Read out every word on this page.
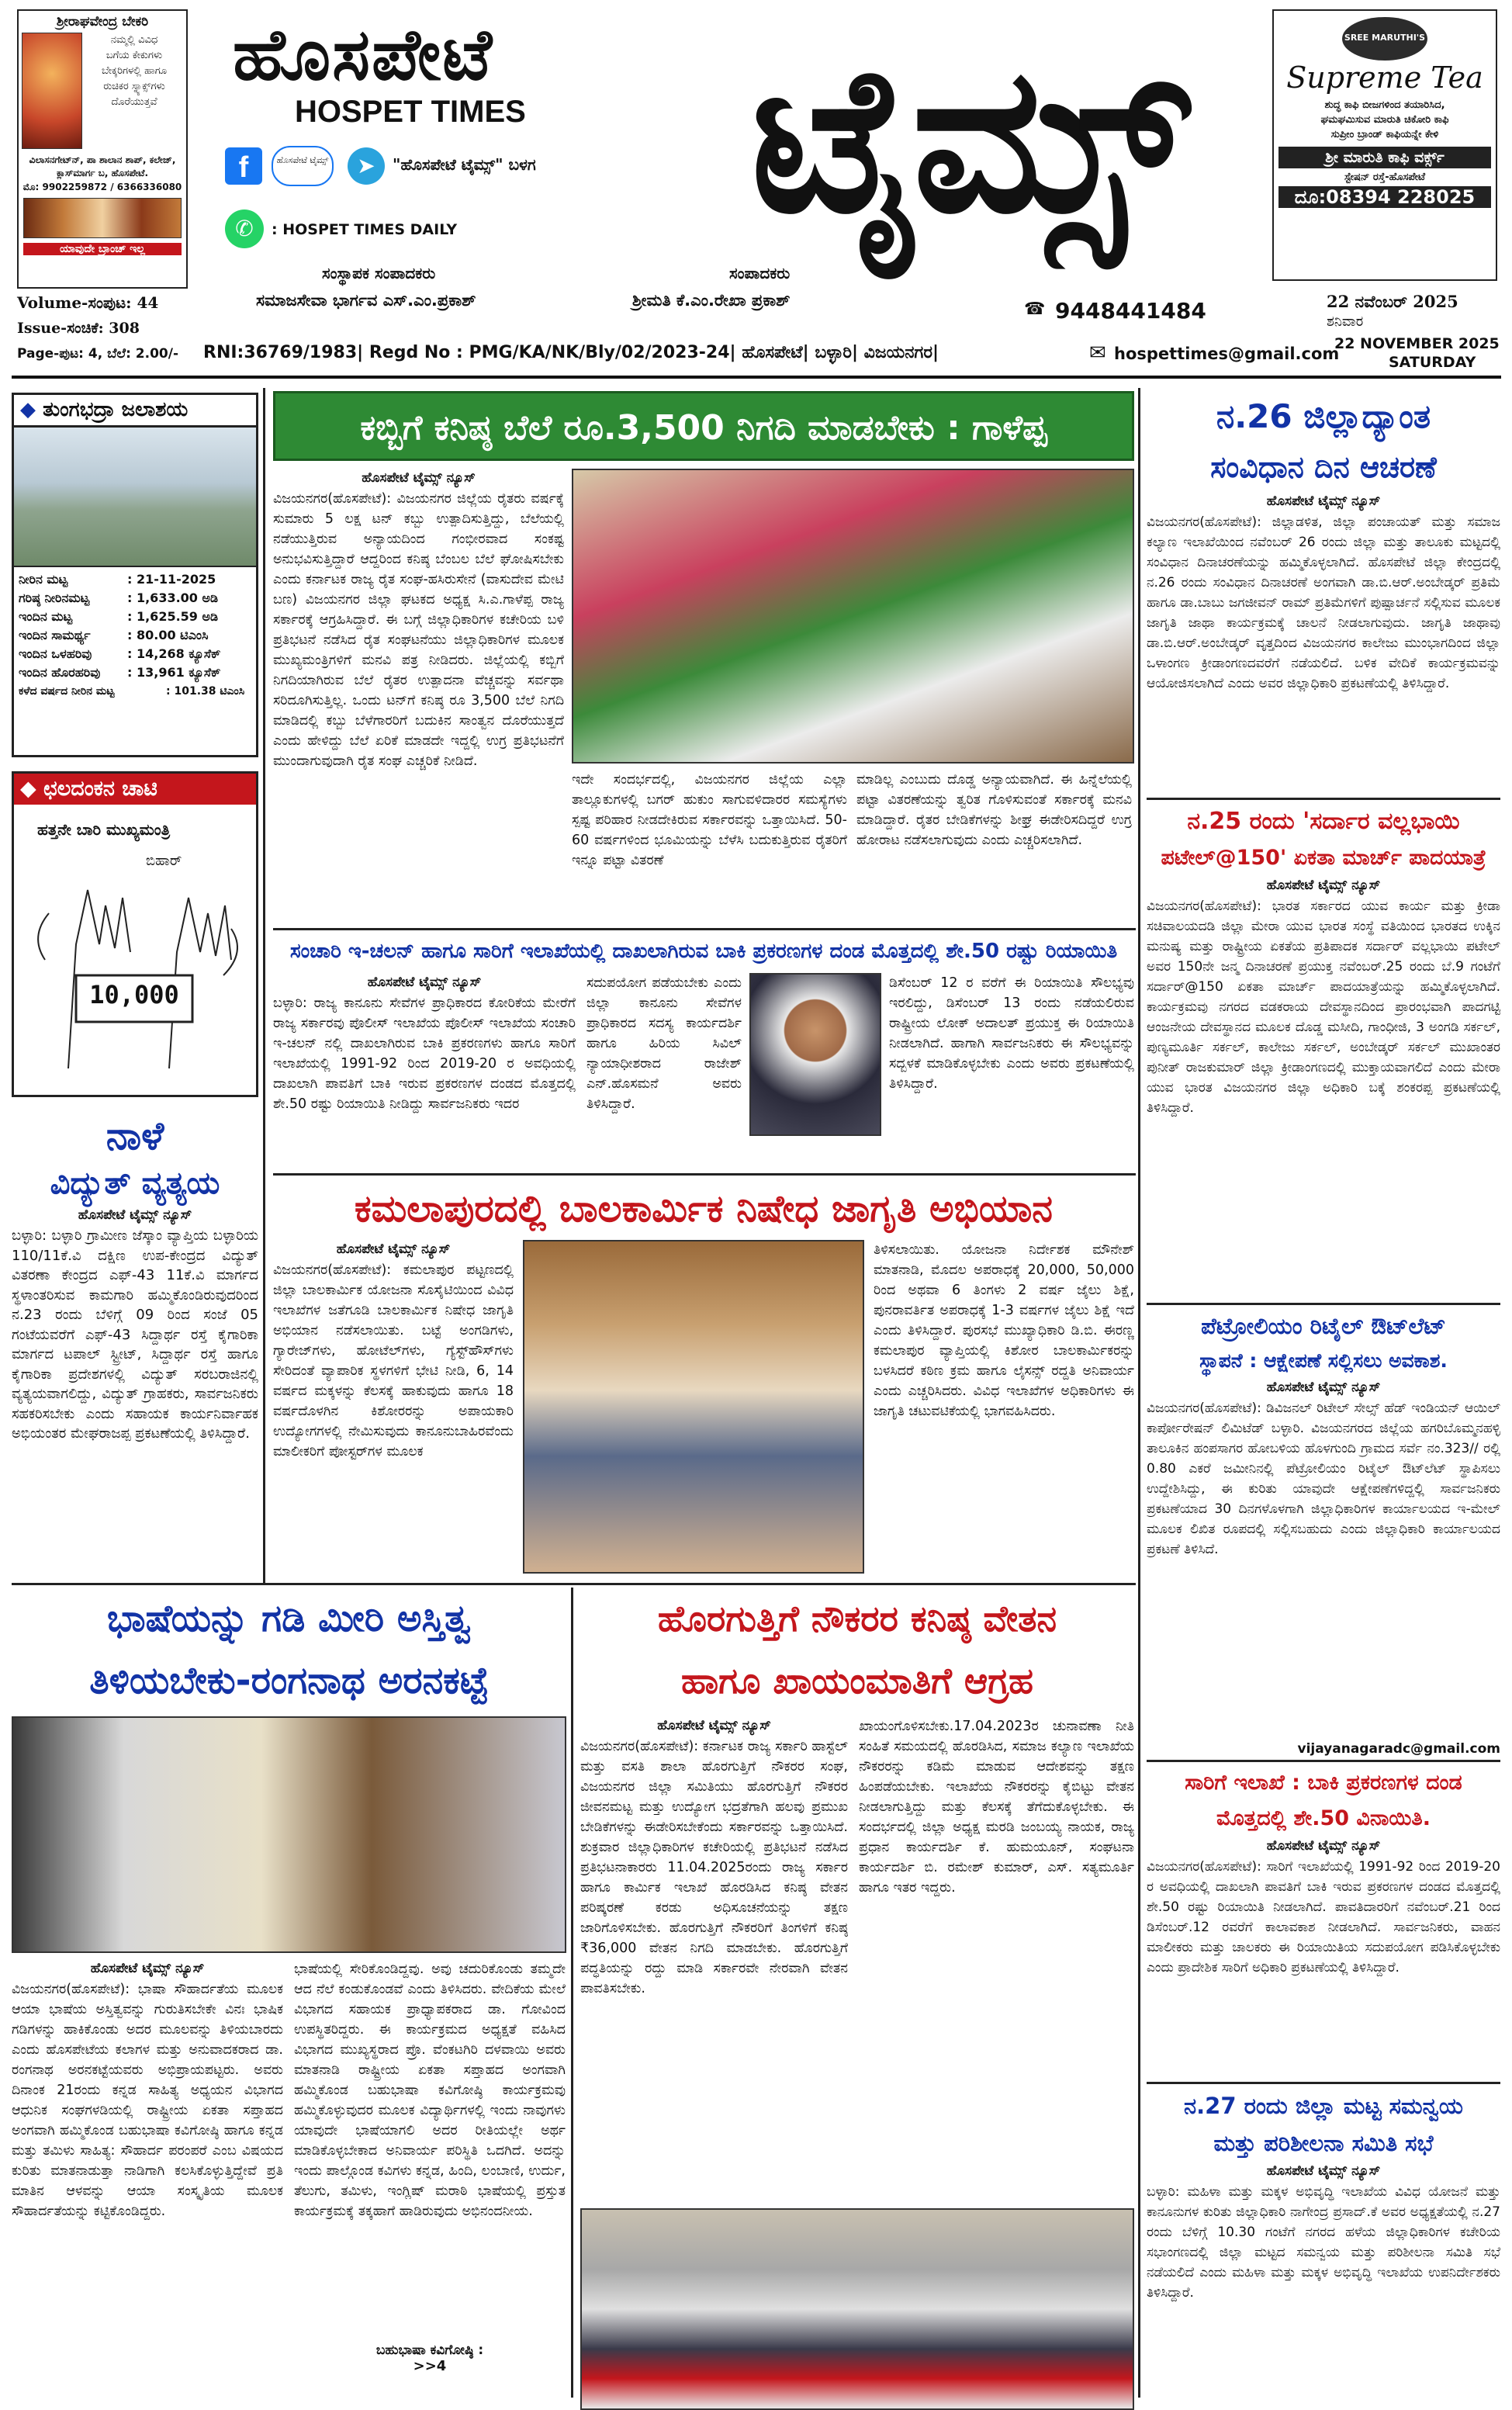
ಶ್ರೀರಾಘವೇಂದ್ರ ಬೇಕರಿ
ನಮ್ಮಲ್ಲಿ ವಿವಿಧ
ಬಗೆಯ ಕೇಕುಗಳು
ಬೇಕ್ಕರಿಗಳಲ್ಲಿ ಹಾಗೂ
ರುಚಿಕರ ಸ್ನ್ಯಾಕ್ಸ್‌ಗಳು ದೊರೆಯುತ್ತವೆ
ವಿಲಾಸನಗೇಟ್‌ನ್, ಪಾ ಶಾಲಾನ ಶಾಪ್, ಕಲೇಜ್‌, ಕ್ಲಾಸ್‌ಮಾರ್ಗ ಬ, ಹೊಸಪೇಟೆ.
ಮೊ: 9902259872 / 6366336080
ಯಾವುದೇ ಬ್ರಾಂಚ್ ಇಲ್ಲ
ಹೊಸಪೇಟೆ
HOSPET TIMES	ಟೈಮ್ಸ್
f	ಹೊಸಪೇಟೆ ಟೈಮ್ಸ್	➤	"ಹೊಸಪೇಟೆ ಟೈಮ್ಸ್" ಬಳಗ
✆	: HOSPET TIMES DAILY
ಸಂಸ್ಥಾಪಕ ಸಂಪಾದಕರು
ಸಮಾಜಸೇವಾ ಭಾರ್ಗವ ಎಸ್.ಎಂ.ಪ್ರಕಾಶ್
ಸಂಪಾದಕರು
ಶ್ರೀಮತಿ ಕೆ.ಎಂ.ರೇಖಾ ಪ್ರಕಾಶ್	☎ 9448441484
SREE MARUTHI'S
Supreme Tea
ಶುದ್ಧ ಕಾಫಿ ಬೀಜಗಳಿಂದ ತಯಾರಿಸಿದ,
ಘಮಘಮಿಸುವ ಮಾರುತಿ ಚಿಕೋರಿ ಕಾಫಿ
ಸುಪ್ರೀಂ ಬ್ರಾಂಡ್ ಕಾಫಿಯನ್ನೇ ಕೇಳಿ
ಶ್ರೀ ಮಾರುತಿ ಕಾಫಿ ವರ್ಕ್ಸ್
ಸ್ಟೇಷನ್ ರಸ್ತೆ-ಹೊಸಪೇಟೆ
ದೂ:08394 228025
22 ನವೆಂಬರ್ 2025
ಶನಿವಾರ
22 NOVEMBER 2025
SATURDAY
Volume-ಸಂಪುಟ: 44
Issue-ಸಂಚಿಕೆ: 308
Page-ಪುಟ: 4, ಬೆಲೆ: 2.00/-	RNI:36769/1983| Regd No : PMG/KA/NK/Bly/02/2023-24| ಹೊಸಪೇಟೆ| ಬಳ್ಳಾರಿ| ವಿಜಯನಗರ|	✉ hospettimes@gmail.com
◆ ತುಂಗಭದ್ರಾ ಜಲಾಶಯ
ನೀರಿನ ಮಟ್ಟ	: 21-11-2025
ಗರಿಷ್ಠ ನೀರಿನಮಟ್ಟ	: 1,633.00 ಅಡಿ
ಇಂದಿನ ಮಟ್ಟ	: 1,625.59 ಅಡಿ
ಇಂದಿನ ಸಾಮರ್ಥ್ಯ	: 80.00 ಟಿಎಂಸಿ
ಇಂದಿನ ಒಳಹರಿವು	: 14,268 ಕ್ಯೂಸೆಕ್
ಇಂದಿನ ಹೊರಹರಿವು	: 13,961 ಕ್ಯೂಸೆಕ್
ಕಳೆದ ವರ್ಷದ ನೀರಿನ ಮಟ್ಟ	: 101.38 ಟಿಎಂಸಿ
◆ ಛಲದಂಕನ ಚಾಟಿ
ಹತ್ತನೇ ಬಾರಿ ಮುಖ್ಯಮಂತ್ರಿ
ಬಿಹಾರ್
10,000
ನಾಳೆ
ವಿದ್ಯುತ್ ವ್ಯತ್ಯಯ
ಹೊಸಪೇಟೆ ಟೈಮ್ಸ್ ನ್ಯೂಸ್
ಬಳ್ಳಾರಿ: ಬಳ್ಳಾರಿ ಗ್ರಾಮೀಣ ಜೆಸ್ಕಾಂ ವ್ಯಾಪ್ತಿಯ ಬಳ್ಳಾರಿಯ 110/11ಕೆ.ವಿ ದಕ್ಷಿಣ ಉಪ-ಕೇಂದ್ರದ ವಿದ್ಯುತ್ ವಿತರಣಾ ಕೇಂದ್ರದ ಎಫ್-43 11ಕೆ.ವಿ ಮಾರ್ಗದ ಸ್ಥಳಾಂತರಿಸುವ ಕಾಮಗಾರಿ ಹಮ್ಮಿಕೊಂಡಿರುವುದರಿಂದ ನ.23 ರಂದು ಬೆಳಿಗ್ಗೆ 09 ರಿಂದ ಸಂಜೆ 05 ಗಂಟೆಯವರೆಗೆ ಎಫ್-43 ಸಿದ್ದಾರ್ಥ ರಸ್ತೆ ಕೈಗಾರಿಕಾ ಮಾರ್ಗದ ಟಪಾಲ್ ಸ್ಟ್ರೀಟ್, ಸಿದ್ದಾರ್ಥ ರಸ್ತೆ ಹಾಗೂ ಕೈಗಾರಿಕಾ ಪ್ರದೇಶಗಳಲ್ಲಿ ವಿದ್ಯುತ್ ಸರಬರಾಜಿನಲ್ಲಿ ವ್ಯತ್ಯಯವಾಗಲಿದ್ದು, ವಿದ್ಯುತ್ ಗ್ರಾಹಕರು, ಸಾರ್ವಜನಿಕರು ಸಹಕರಿಸಬೇಕು ಎಂದು ಸಹಾಯಕ ಕಾರ್ಯನಿರ್ವಾಹಕ ಅಭಿಯಂತರ ಮೇಘರಾಜಪ್ಪ ಪ್ರಕಟಣೆಯಲ್ಲಿ ತಿಳಿಸಿದ್ದಾರೆ.
ಕಬ್ಬಿಗೆ ಕನಿಷ್ಠ ಬೆಲೆ ರೂ.3,500 ನಿಗದಿ ಮಾಡಬೇಕು : ಗಾಳೆಪ್ಪ
ಹೊಸಪೇಟೆ ಟೈಮ್ಸ್ ನ್ಯೂಸ್
ವಿಜಯನಗರ(ಹೊಸಪೇಟೆ): ವಿಜಯನಗರ ಜಿಲ್ಲೆಯ ರೈತರು ವರ್ಷಕ್ಕೆ ಸುಮಾರು 5 ಲಕ್ಷ ಟನ್ ಕಬ್ಬು ಉತ್ಪಾದಿಸುತ್ತಿದ್ದು, ಬೆಲೆಯಲ್ಲಿ ನಡೆಯುತ್ತಿರುವ ಅನ್ಯಾಯದಿಂದ ಗಂಭೀರವಾದ ಸಂಕಷ್ಟ ಅನುಭವಿಸುತ್ತಿದ್ದಾರೆ ಆದ್ದರಿಂದ ಕನಿಷ್ಠ ಬೆಂಬಲ ಬೆಲೆ ಘೋಷಿಸಬೇಕು ಎಂದು ಕರ್ನಾಟಕ ರಾಜ್ಯ ರೈತ ಸಂಘ-ಹಸಿರುಸೇನೆ (ವಾಸುದೇವ ಮೇಟಿ ಬಣ) ವಿಜಯನಗರ ಜಿಲ್ಲಾ ಘಟಕದ ಅಧ್ಯಕ್ಷ ಸಿ.ಎ.ಗಾಳೆಪ್ಪ ರಾಜ್ಯ ಸರ್ಕಾರಕ್ಕೆ ಆಗ್ರಹಿಸಿದ್ದಾರೆ. ಈ ಬಗ್ಗೆ ಜಿಲ್ಲಾಧಿಕಾರಿಗಳ ಕಚೇರಿಯ ಬಳಿ ಪ್ರತಿಭಟನೆ ನಡೆಸಿದ ರೈತ ಸಂಘಟನೆಯು ಜಿಲ್ಲಾಧಿಕಾರಿಗಳ ಮೂಲಕ ಮುಖ್ಯಮಂತ್ರಿಗಳಿಗೆ ಮನವಿ ಪತ್ರ ನೀಡಿದರು. ಜಿಲ್ಲೆಯಲ್ಲಿ ಕಬ್ಬಿಗೆ ನಿಗದಿಯಾಗಿರುವ ಬೆಲೆ ರೈತರ ಉತ್ಪಾದನಾ ವೆಚ್ಚವನ್ನು ಸರ್ವಥಾ ಸರಿದೂಗಿಸುತ್ತಿಲ್ಲ. ಒಂದು ಟನ್‌ಗೆ ಕನಿಷ್ಠ ರೂ 3,500 ಬೆಲೆ ನಿಗದಿ ಮಾಡಿದಲ್ಲಿ ಕಬ್ಬು ಬೆಳೆಗಾರರಿಗೆ ಬದುಕಿನ ಸಾಂತ್ವನ ದೊರೆಯುತ್ತದೆ ಎಂದು ಹೇಳಿದ್ದು ಬೆಲೆ ಏರಿಕೆ ಮಾಡದೇ ಇದ್ದಲ್ಲಿ ಉಗ್ರ ಪ್ರತಿಭಟನೆಗೆ ಮುಂದಾಗುವುದಾಗಿ ರೈತ ಸಂಘ ಎಚ್ಚರಿಕೆ ನೀಡಿದೆ.
ಇದೇ ಸಂದರ್ಭದಲ್ಲಿ, ವಿಜಯನಗರ ಜಿಲ್ಲೆಯ ಎಲ್ಲಾ ತಾಲ್ಲೂಕುಗಳಲ್ಲಿ ಬಗರ್ ಹುಕುಂ ಸಾಗುವಳಿದಾರರ ಸಮಸ್ಯೆಗಳು ಸ್ಪಷ್ಟ ಪರಿಹಾರ ನೀಡದೇಕಿರುವ ಸರ್ಕಾರವನ್ನು ಒತ್ತಾಯಿಸಿದೆ. 50-60 ವರ್ಷಗಳಿಂದ ಭೂಮಿಯನ್ನು ಬೆಳೆಸಿ ಬದುಕುತ್ತಿರುವ ರೈತರಿಗೆ ಇನ್ನೂ ಪಟ್ಟಾ ವಿತರಣೆ
ಮಾಡಿಲ್ಲ ಎಂಬುದು ದೊಡ್ಡ ಅನ್ಯಾಯವಾಗಿದೆ. ಈ ಹಿನ್ನೆಲೆಯಲ್ಲಿ ಪಟ್ಟಾ ವಿತರಣೆಯನ್ನು ತ್ವರಿತ ಗೊಳಿಸುವಂತೆ ಸರ್ಕಾರಕ್ಕೆ ಮನವಿ ಮಾಡಿದ್ದಾರೆ. ರೈತರ ಬೇಡಿಕೆಗಳನ್ನು ಶೀಘ್ರ ಈಡೇರಿಸದಿದ್ದರೆ ಉಗ್ರ ಹೋರಾಟ ನಡೆಸಲಾಗುವುದು ಎಂದು ಎಚ್ಚರಿಸಲಾಗಿದೆ.
ಸಂಚಾರಿ ಇ-ಚಲನ್ ಹಾಗೂ ಸಾರಿಗೆ ಇಲಾಖೆಯಲ್ಲಿ ದಾಖಲಾಗಿರುವ ಬಾಕಿ ಪ್ರಕರಣಗಳ ದಂಡ ಮೊತ್ತದಲ್ಲಿ ಶೇ.50 ರಷ್ಟು ರಿಯಾಯಿತಿ
ಹೊಸಪೇಟೆ ಟೈಮ್ಸ್ ನ್ಯೂಸ್
ಬಳ್ಳಾರಿ: ರಾಜ್ಯ ಕಾನೂನು ಸೇವೆಗಳ ಪ್ರಾಧಿಕಾರದ ಕೋರಿಕೆಯ ಮೇರೆಗೆ ರಾಜ್ಯ ಸರ್ಕಾರವು ಪೊಲೀಸ್ ಇಲಾಖೆಯ ಪೊಲೀಸ್ ಇಲಾಖೆಯ ಸಂಚಾರಿ ಇ-ಚಲನ್ ನಲ್ಲಿ ದಾಖಲಾಗಿರುವ ಬಾಕಿ ಪ್ರಕರಣಗಳು ಹಾಗೂ ಸಾರಿಗೆ ಇಲಾಖೆಯಲ್ಲಿ 1991-92 ರಿಂದ 2019-20 ರ ಅವಧಿಯಲ್ಲಿ ದಾಖಲಾಗಿ ಪಾವತಿಗೆ ಬಾಕಿ ಇರುವ ಪ್ರಕರಣಗಳ ದಂಡದ ಮೊತ್ತದಲ್ಲಿ ಶೇ.50 ರಷ್ಟು ರಿಯಾಯಿತಿ ನೀಡಿದ್ದು ಸಾರ್ವಜನಿಕರು ಇದರ
ಸದುಪಯೋಗ ಪಡೆಯಬೇಕು ಎಂದು ಜಿಲ್ಲಾ ಕಾನೂನು ಸೇವೆಗಳ ಪ್ರಾಧಿಕಾರದ ಸದಸ್ಯ ಕಾರ್ಯದರ್ಶಿ ಹಾಗೂ ಹಿರಿಯ ಸಿವಿಲ್ ನ್ಯಾಯಾಧೀಶರಾದ ರಾಜೇಶ್ ಎನ್.ಹೊಸಮನೆ ಅವರು ತಿಳಿಸಿದ್ದಾರೆ.
ಡಿಸೆಂಬರ್ 12 ರ ವರೆಗೆ ಈ ರಿಯಾಯಿತಿ ಸೌಲಭ್ಯವು ಇರಲಿದ್ದು, ಡಿಸೆಂಬರ್ 13 ರಂದು ನಡೆಯಲಿರುವ ರಾಷ್ಟ್ರೀಯ ಲೋಕ್ ಅದಾಲತ್ ಪ್ರಯುಕ್ತ ಈ ರಿಯಾಯಿತಿ ನೀಡಲಾಗಿದೆ. ಹಾಗಾಗಿ ಸಾರ್ವಜನಿಕರು ಈ ಸೌಲಭ್ಯವನ್ನು ಸದ್ಬಳಕೆ ಮಾಡಿಕೊಳ್ಳಬೇಕು ಎಂದು ಅವರು ಪ್ರಕಟಣೆಯಲ್ಲಿ ತಿಳಿಸಿದ್ದಾರೆ.
ಕಮಲಾಪುರದಲ್ಲಿ ಬಾಲಕಾರ್ಮಿಕ ನಿಷೇಧ ಜಾಗೃತಿ ಅಭಿಯಾನ
ಹೊಸಪೇಟೆ ಟೈಮ್ಸ್ ನ್ಯೂಸ್
ವಿಜಯನಗರ(ಹೊಸಪೇಟೆ): ಕಮಲಾಪುರ ಪಟ್ಟಣದಲ್ಲಿ ಜಿಲ್ಲಾ ಬಾಲಕಾರ್ಮಿಕ ಯೋಜನಾ ಸೊಸೈಟಿಯಿಂದ ವಿವಿಧ ಇಲಾಖೆಗಳ ಜತೆಗೂಡಿ ಬಾಲಕಾರ್ಮಿಕ ನಿಷೇಧ ಜಾಗೃತಿ ಅಭಿಯಾನ ನಡೆಸಲಾಯಿತು. ಬಟ್ಟೆ ಅಂಗಡಿಗಳು, ಗ್ಯಾರೇಜ್‌ಗಳು, ಹೋಟೆಲ್‌ಗಳು, ಗ್ಯೆಸ್ಟ್‌ಹೌಸ್‌ಗಳು ಸೇರಿದಂತೆ ವ್ಯಾಪಾರಿಕ ಸ್ಥಳಗಳಿಗೆ ಭೇಟಿ ನೀಡಿ, 6, 14 ವರ್ಷದ ಮಕ್ಕಳನ್ನು ಕೆಲಸಕ್ಕೆ ಹಾಕುವುದು ಹಾಗೂ 18 ವರ್ಷದೊಳಗಿನ ಕಿಶೋರರನ್ನು ಅಪಾಯಕಾರಿ ಉದ್ಯೋಗಗಳಲ್ಲಿ ನೇಮಿಸುವುದು ಕಾನೂನುಬಾಹಿರವೆಂದು ಮಾಲೀಕರಿಗೆ ಪೋಸ್ಟರ್‌ಗಳ ಮೂಲಕ
ತಿಳಿಸಲಾಯಿತು. ಯೋಜನಾ ನಿರ್ದೇಶಕ ಮೌನೇಶ್ ಮಾತನಾಡಿ, ಮೊದಲ ಅಪರಾಧಕ್ಕೆ 20,000, 50,000 ರಿಂದ ಅಥವಾ 6 ತಿಂಗಳು 2 ವರ್ಷ ಜೈಲು ಶಿಕ್ಷೆ, ಪುನರಾವರ್ತಿತ ಅಪರಾಧಕ್ಕೆ 1-3 ವರ್ಷಗಳ ಜೈಲು ಶಿಕ್ಷೆ ಇದೆ ಎಂದು ತಿಳಿಸಿದ್ದಾರೆ. ಪುರಸಭೆ ಮುಖ್ಯಾಧಿಕಾರಿ ಡಿ.ಬಿ. ಈರಣ್ಣ ಕಮಲಾಪುರ ವ್ಯಾಪ್ತಿಯಲ್ಲಿ ಕಿಶೋರ ಬಾಲಕಾರ್ಮಿಕರನ್ನು ಬಳಸಿದರೆ ಕಠಿಣ ಕ್ರಮ ಹಾಗೂ ಲೈಸನ್ಸ್ ರದ್ದತಿ ಅನಿವಾರ್ಯ ಎಂದು ಎಚ್ಚರಿಸಿದರು. ವಿವಿಧ ಇಲಾಖೆಗಳ ಅಧಿಕಾರಿಗಳು ಈ ಜಾಗೃತಿ ಚಟುವಟಿಕೆಯಲ್ಲಿ ಭಾಗವಹಿಸಿದರು.
ಭಾಷೆಯನ್ನು ಗಡಿ ಮೀರಿ ಅಸ್ತಿತ್ವ
ತಿಳಿಯಬೇಕು-ರಂಗನಾಥ ಅರನಕಟ್ಟೆ
ಹೊಸಪೇಟೆ ಟೈಮ್ಸ್ ನ್ಯೂಸ್
ವಿಜಯನಗರ(ಹೊಸಪೇಟೆ): ಭಾಷಾ ಸೌಹಾರ್ದತೆಯ ಮೂಲಕ ಆಯಾ ಭಾಷೆಯ ಅಸ್ತಿತ್ವವನ್ನು ಗುರುತಿಸಬೇಕೇ ವಿನಃ ಭಾಷಿಕ ಗಡಿಗಳನ್ನು ಹಾಕಿಕೊಂಡು ಅದರ ಮೂಲವನ್ನು ತಿಳಿಯಬಾರದು ಎಂದು ಹೊಸಪೇಟೆಯ ಕಲಾಗಳ ಮತ್ತು ಅನುವಾದಕರಾದ ಡಾ. ರಂಗನಾಥ ಅರನಕಟ್ಟೆಯವರು ಅಭಿಪ್ರಾಯಪಟ್ಟರು. ಅವರು ದಿನಾಂಕ 21ರಂದು ಕನ್ನಡ ಸಾಹಿತ್ಯ ಅಧ್ಯಯನ ವಿಭಾಗದ ಆಧುನಿಕ ಸಂಘಗಳಡಿಯಲ್ಲಿ ರಾಷ್ಟ್ರೀಯ ಏಕತಾ ಸಪ್ತಾಹದ ಅಂಗವಾಗಿ ಹಮ್ಮಿಕೊಂಡ ಬಹುಭಾಷಾ ಕವಿಗೋಷ್ಠಿ ಹಾಗೂ ಕನ್ನಡ ಮತ್ತು ತಮಿಳು ಸಾಹಿತ್ಯ: ಸೌಹಾರ್ದ ಪರಂಪರೆ ಎಂಬ ವಿಷಯದ ಕುರಿತು ಮಾತನಾಡುತ್ತಾ ನಾಡಿಗಾಗಿ ಕಲಸಿಕೊಳ್ಳುತ್ತಿದ್ದೇವೆ ಪ್ರತಿ ಮಾತಿನ ಆಳವನ್ನು ಆಯಾ ಸಂಸ್ಕೃತಿಯ ಮೂಲಕ ಸೌಹಾರ್ದತೆಯನ್ನು ಕಟ್ಟಿಕೊಂಡಿದ್ದರು.
ಭಾಷೆಯಲ್ಲಿ ಸೇರಿಕೊಂಡಿದ್ದವು. ಅವು ಚದುರಿಕೊಂಡು ತಮ್ಮದೇ ಆದ ನೆಲೆ ಕಂಡುಕೊಂಡವೆ ಎಂದು ತಿಳಿಸಿದರು. ವೇದಿಕೆಯ ಮೇಲೆ ವಿಭಾಗದ ಸಹಾಯಕ ಪ್ರಾಧ್ಯಾಪಕರಾದ ಡಾ. ಗೋವಿಂದ ಉಪಸ್ಥಿತರಿದ್ದರು. ಈ ಕಾರ್ಯಕ್ರಮದ ಅಧ್ಯಕ್ಷತೆ ವಹಿಸಿದ ವಿಭಾಗದ ಮುಖ್ಯಸ್ಥರಾದ ಪ್ರೊ. ವೆಂಕಟಗಿರಿ ದಳವಾಯಿ ಅವರು ಮಾತನಾಡಿ ರಾಷ್ಟ್ರೀಯ ಏಕತಾ ಸಪ್ತಾಹದ ಅಂಗವಾಗಿ ಹಮ್ಮಿಕೊಂಡ ಬಹುಭಾಷಾ ಕವಿಗೋಷ್ಠಿ ಕಾರ್ಯಕ್ರಮವು ಹಮ್ಮಿಕೊಳ್ಳುವುದರ ಮೂಲಕ ವಿದ್ಯಾರ್ಥಿಗಳಲ್ಲಿ ಇಂದು ನಾವುಗಳು ಯಾವುದೇ ಭಾಷೆಯಾಗಲಿ ಅದರ ರೀತಿಯಲ್ಲೇ ಅರ್ಥ ಮಾಡಿಕೊಳ್ಳಬೇಕಾದ ಅನಿವಾರ್ಯ ಪರಿಸ್ಥಿತಿ ಒದಗಿದೆ. ಅದನ್ನು ಇಂದು ಪಾಲ್ಗೊಂಡ ಕವಿಗಳು ಕನ್ನಡ, ಹಿಂದಿ, ಲಂಬಾಣಿ, ಉರ್ದು, ತೆಲುಗು, ತಮಿಳು, ಇಂಗ್ಲಿಷ್ ಮರಾಠಿ ಭಾಷೆಯಲ್ಲಿ ಪ್ರಸ್ತುತ ಕಾರ್ಯಕ್ರಮಕ್ಕೆ ತಕ್ಕಹಾಗೆ ಹಾಡಿರುವುದು ಅಭಿನಂದನೀಯ.
ಬಹುಭಾಷಾ ಕವಿಗೋಷ್ಠಿ :
>>4
ಹೊರಗುತ್ತಿಗೆ ನೌಕರರ ಕನಿಷ್ಠ ವೇತನ
ಹಾಗೂ ಖಾಯಂಮಾತಿಗೆ ಆಗ್ರಹ
ಹೊಸಪೇಟೆ ಟೈಮ್ಸ್ ನ್ಯೂಸ್
ವಿಜಯನಗರ(ಹೊಸಪೇಟೆ): ಕರ್ನಾಟಕ ರಾಜ್ಯ ಸರ್ಕಾರಿ ಹಾಸ್ಟೆಲ್ ಮತ್ತು ವಸತಿ ಶಾಲಾ ಹೊರಗುತ್ತಿಗೆ ನೌಕರರ ಸಂಘ, ವಿಜಯನಗರ ಜಿಲ್ಲಾ ಸಮಿತಿಯು ಹೊರಗುತ್ತಿಗೆ ನೌಕರರ ಜೀವನಮಟ್ಟ ಮತ್ತು ಉದ್ಯೋಗ ಭದ್ರತೆಗಾಗಿ ಹಲವು ಪ್ರಮುಖ ಬೇಡಿಕೆಗಳನ್ನು ಈಡೇರಿಸಬೇಕೆಂದು ಸರ್ಕಾರವನ್ನು ಒತ್ತಾಯಿಸಿದೆ. ಶುಕ್ರವಾರ ಜಿಲ್ಲಾಧಿಕಾರಿಗಳ ಕಚೇರಿಯಲ್ಲಿ ಪ್ರತಿಭಟನೆ ನಡೆಸಿದ ಪ್ರತಿಭಟನಾಕಾರರು 11.04.2025ರಂದು ರಾಜ್ಯ ಸರ್ಕಾರ ಹಾಗೂ ಕಾರ್ಮಿಕ ಇಲಾಖೆ ಹೊರಡಿಸಿದ ಕನಿಷ್ಠ ವೇತನ ಪರಿಷ್ಕರಣೆ ಕರಡು ಅಧಿಸೂಚನೆಯನ್ನು ತಕ್ಷಣ ಜಾರಿಗೊಳಿಸಬೇಕು. ಹೊರಗುತ್ತಿಗೆ ನೌಕರರಿಗೆ ತಿಂಗಳಿಗೆ ಕನಿಷ್ಠ ₹36,000 ವೇತನ ನಿಗದಿ ಮಾಡಬೇಕು. ಹೊರಗುತ್ತಿಗೆ ಪದ್ಧತಿಯನ್ನು ರದ್ದು ಮಾಡಿ ಸರ್ಕಾರವೇ ನೇರವಾಗಿ ವೇತನ ಪಾವತಿಸಬೇಕು.
ಖಾಯಂಗೊಳಿಸಬೇಕು.17.04.2023ರ ಚುನಾವಣಾ ನೀತಿ ಸಂಹಿತೆ ಸಮಯದಲ್ಲಿ ಹೊರಡಿಸಿದ, ಸಮಾಜ ಕಲ್ಯಾಣ ಇಲಾಖೆಯ ನೌಕರರನ್ನು ಕಡಿಮೆ ಮಾಡುವ ಆದೇಶವನ್ನು ತಕ್ಷಣ ಹಿಂಪಡೆಯಬೇಕು. ಇಲಾಖೆಯ ನೌಕರರನ್ನು ಕೈಬಿಟ್ಟು ವೇತನ ನೀಡಲಾಗುತ್ತಿದ್ದು ಮತ್ತು ಕೆಲಸಕ್ಕೆ ತೆಗೆದುಕೊಳ್ಳಬೇಕು. ಈ ಸಂದರ್ಭದಲ್ಲಿ ಜಿಲ್ಲಾ ಅಧ್ಯಕ್ಷ ಮರಡಿ ಜಂಬಯ್ಯ ನಾಯಕ, ರಾಜ್ಯ ಪ್ರಧಾನ ಕಾರ್ಯದರ್ಶಿ ಕೆ. ಹುಮಯೂನ್, ಸಂಘಟನಾ ಕಾರ್ಯದರ್ಶಿ ಬಿ. ರಮೇಶ್ ಕುಮಾರ್, ಎಸ್. ಸತ್ಯಮೂರ್ತಿ ಹಾಗೂ ಇತರ ಇದ್ದರು.
ನ.26 ಜಿಲ್ಲಾದ್ಯಾಂತ
ಸಂವಿಧಾನ ದಿನ ಆಚರಣೆ
ಹೊಸಪೇಟೆ ಟೈಮ್ಸ್ ನ್ಯೂಸ್
ವಿಜಯನಗರ(ಹೊಸಪೇಟೆ): ಜಿಲ್ಲಾಡಳಿತ, ಜಿಲ್ಲಾ ಪಂಚಾಯತ್ ಮತ್ತು ಸಮಾಜ ಕಲ್ಯಾಣ ಇಲಾಖೆಯಿಂದ ನವೆಂಬರ್ 26 ರಂದು ಜಿಲ್ಲಾ ಮತ್ತು ತಾಲೂಕು ಮಟ್ಟದಲ್ಲಿ ಸಂವಿಧಾನ ದಿನಾಚರಣೆಯನ್ನು ಹಮ್ಮಿಕೊಳ್ಳಲಾಗಿದೆ. ಹೊಸಪೇಟೆ ಜಿಲ್ಲಾ ಕೇಂದ್ರದಲ್ಲಿ ನ.26 ರಂದು ಸಂವಿಧಾನ ದಿನಾಚರಣೆ ಅಂಗವಾಗಿ ಡಾ.ಬಿ.ಆರ್.ಅಂಬೇಡ್ಕರ್ ಪ್ರತಿಮೆ ಹಾಗೂ ಡಾ.ಬಾಬು ಜಗಜೀವನ್ ರಾಮ್ ಪ್ರತಿಮೆಗಳಿಗೆ ಪುಷ್ಪಾರ್ಚನೆ ಸಲ್ಲಿಸುವ ಮೂಲಕ ಜಾಗೃತಿ ಜಾಥಾ ಕಾರ್ಯಕ್ರಮಕ್ಕೆ ಚಾಲನೆ ನೀಡಲಾಗುವುದು. ಜಾಗೃತಿ ಜಾಥಾವು ಡಾ.ಬಿ.ಆರ್.ಅಂಬೇಡ್ಕರ್ ವೃತ್ತದಿಂದ ವಿಜಯನಗರ ಕಾಲೇಜು ಮುಂಭಾಗದಿಂದ ಜಿಲ್ಲಾ ಒಳಾಂಗಣ ಕ್ರೀಡಾಂಗಣದವರೆಗೆ ನಡೆಯಲಿದೆ. ಬಳಿಕ ವೇದಿಕೆ ಕಾರ್ಯಕ್ರಮವನ್ನು ಆಯೋಜಿಸಲಾಗಿದೆ ಎಂದು ಅವರ ಜಿಲ್ಲಾಧಿಕಾರಿ ಪ್ರಕಟಣೆಯಲ್ಲಿ ತಿಳಿಸಿದ್ದಾರೆ.
ನ.25 ರಂದು 'ಸರ್ದಾರ ವಲ್ಲಭಾಯಿ
ಪಟೇಲ್@150' ಏಕತಾ ಮಾರ್ಚ್ ಪಾದಯಾತ್ರೆ
ಹೊಸಪೇಟೆ ಟೈಮ್ಸ್ ನ್ಯೂಸ್
ವಿಜಯನಗರ(ಹೊಸಪೇಟೆ): ಭಾರತ ಸರ್ಕಾರದ ಯುವ ಕಾರ್ಯ ಮತ್ತು ಕ್ರೀಡಾ ಸಚಿವಾಲಯದಡಿ ಜಿಲ್ಲಾ ಮೇರಾ ಯುವ ಭಾರತ ಸಂಸ್ಥೆ ವತಿಯಿಂದ ಭಾರತದ ಉಕ್ಕಿನ ಮನುಷ್ಯ ಮತ್ತು ರಾಷ್ಟ್ರೀಯ ಏಕತೆಯ ಪ್ರತಿಪಾದಕ ಸರ್ದಾರ್ ವಲ್ಲಭಾಯಿ ಪಟೇಲ್ ಅವರ 150ನೇ ಜನ್ಮ ದಿನಾಚರಣೆ ಪ್ರಯುಕ್ತ ನವೆಂಬರ್.25 ರಂದು ಬೆ.9 ಗಂಟೆಗೆ ಸರ್ದಾರ್@150 ಏಕತಾ ಮಾರ್ಚ್ ಪಾದಯಾತ್ರೆಯನ್ನು ಹಮ್ಮಿಕೊಳ್ಳಲಾಗಿದೆ. ಕಾರ್ಯಕ್ರಮವು ನಗರದ ವಡಕರಾಯ ದೇವಸ್ಥಾನದಿಂದ ಪ್ರಾರಂಭವಾಗಿ ಪಾದಗಟ್ಟಿ ಆಂಜನೇಯ ದೇವಸ್ಥಾನದ ಮೂಲಕ ದೊಡ್ಡ ಮಸೀದಿ, ಗಾಂಧೀಜಿ, 3 ಅಂಗಡಿ ಸರ್ಕಲ್, ಪುಣ್ಯಮೂರ್ತಿ ಸರ್ಕಲ್, ಕಾಲೇಜು ಸರ್ಕಲ್, ಅಂಬೇಡ್ಕರ್ ಸರ್ಕಲ್ ಮುಖಾಂತರ ಪುನೀತ್ ರಾಜಕುಮಾರ್ ಜಿಲ್ಲಾ ಕ್ರೀಡಾಂಗಣದಲ್ಲಿ ಮುಕ್ತಾಯವಾಗಲಿದೆ ಎಂದು ಮೇರಾ ಯುವ ಭಾರತ ವಿಜಯನಗರ ಜಿಲ್ಲಾ ಅಧಿಕಾರಿ ಬಕ್ಕೆ ಶಂಕರಪ್ಪ ಪ್ರಕಟಣೆಯಲ್ಲಿ ತಿಳಿಸಿದ್ದಾರೆ.
ಪೆಟ್ರೋಲಿಯಂ ರಿಟೈಲ್ ಔಟ್‌ಲೆಟ್
ಸ್ಥಾಪನೆ : ಆಕ್ಷೇಪಣೆ ಸಲ್ಲಿಸಲು ಅವಕಾಶ.
ಹೊಸಪೇಟೆ ಟೈಮ್ಸ್ ನ್ಯೂಸ್
ವಿಜಯನಗರ(ಹೊಸಪೇಟೆ): ಡಿವಿಜನಲ್ ರಿಟೇಲ್ ಸೇಲ್ಸ್ ಹೆಡ್ ಇಂಡಿಯನ್ ಆಯಿಲ್ ಕಾರ್ಪೋರೇಷನ್ ಲಿಮಿಟೆಡ್ ಬಳ್ಳಾರಿ. ವಿಜಯನಗರದ ಜಿಲ್ಲೆಯ ಹಗರಿಬೊಮ್ಮನಹಳ್ಳಿ ತಾಲೂಕಿನ ಹಂಪಸಾಗರ ಹೋಬಳಿಯ ಹೊಳಗುಂದಿ ಗ್ರಾಮದ ಸರ್ವೆ ನಂ.323// ರಲ್ಲಿ 0.80 ಎಕರೆ ಜಮೀನಿನಲ್ಲಿ ಪೆಟ್ರೋಲಿಯಂ ರಿಟೈಲ್ ಔಟ್‌ಲೆಟ್ ಸ್ಥಾಪಿಸಲು ಉದ್ದೇಶಿಸಿದ್ದು, ಈ ಕುರಿತು ಯಾವುದೇ ಆಕ್ಷೇಪಣೆಗಳಿದ್ದಲ್ಲಿ ಸಾರ್ವಜನಿಕರು ಪ್ರಕಟಣೆಯಾದ 30 ದಿನಗಳೊಳಗಾಗಿ ಜಿಲ್ಲಾಧಿಕಾರಿಗಳ ಕಾರ್ಯಾಲಯದ ಇ-ಮೇಲ್ ಮೂಲಕ ಲಿಖಿತ ರೂಪದಲ್ಲಿ ಸಲ್ಲಿಸಬಹುದು ಎಂದು ಜಿಲ್ಲಾಧಿಕಾರಿ ಕಾರ್ಯಾಲಯದ ಪ್ರಕಟಣೆ ತಿಳಿಸಿದೆ.
vijayanagaradc@gmail.com
ಸಾರಿಗೆ ಇಲಾಖೆ : ಬಾಕಿ ಪ್ರಕರಣಗಳ ದಂಡ
ಮೊತ್ತದಲ್ಲಿ ಶೇ.50 ವಿನಾಯಿತಿ.
ಹೊಸಪೇಟೆ ಟೈಮ್ಸ್ ನ್ಯೂಸ್
ವಿಜಯನಗರ(ಹೊಸಪೇಟೆ): ಸಾರಿಗೆ ಇಲಾಖೆಯಲ್ಲಿ 1991-92 ರಿಂದ 2019-20 ರ ಅವಧಿಯಲ್ಲಿ ದಾಖಲಾಗಿ ಪಾವತಿಗೆ ಬಾಕಿ ಇರುವ ಪ್ರಕರಣಗಳ ದಂಡದ ಮೊತ್ತದಲ್ಲಿ ಶೇ.50 ರಷ್ಟು ರಿಯಾಯಿತಿ ನೀಡಲಾಗಿದೆ. ಪಾವತಿದಾರರಿಗೆ ನವೆಂಬರ್.21 ರಿಂದ ಡಿಸೆಂಬರ್.12 ರವರೆಗೆ ಕಾಲಾವಕಾಶ ನೀಡಲಾಗಿದೆ. ಸಾರ್ವಜನಿಕರು, ವಾಹನ ಮಾಲೀಕರು ಮತ್ತು ಚಾಲಕರು ಈ ರಿಯಾಯಿತಿಯ ಸದುಪಯೋಗ ಪಡಿಸಿಕೊಳ್ಳಬೇಕು ಎಂದು ಪ್ರಾದೇಶಿಕ ಸಾರಿಗೆ ಅಧಿಕಾರಿ ಪ್ರಕಟಣೆಯಲ್ಲಿ ತಿಳಿಸಿದ್ದಾರೆ.
ನ.27 ರಂದು ಜಿಲ್ಲಾ ಮಟ್ಟ ಸಮನ್ವಯ
ಮತ್ತು ಪರಿಶೀಲನಾ ಸಮಿತಿ ಸಭೆ
ಹೊಸಪೇಟೆ ಟೈಮ್ಸ್ ನ್ಯೂಸ್
ಬಳ್ಳಾರಿ: ಮಹಿಳಾ ಮತ್ತು ಮಕ್ಕಳ ಅಭಿವೃದ್ಧಿ ಇಲಾಖೆಯ ವಿವಿಧ ಯೋಜನೆ ಮತ್ತು ಕಾನೂನುಗಳ ಕುರಿತು ಜಿಲ್ಲಾಧಿಕಾರಿ ನಾಗೇಂದ್ರ ಪ್ರಸಾದ್.ಕೆ ಅವರ ಅಧ್ಯಕ್ಷತೆಯಲ್ಲಿ ನ.27 ರಂದು ಬೆಳಿಗ್ಗೆ 10.30 ಗಂಟೆಗೆ ನಗರದ ಹಳೆಯ ಜಿಲ್ಲಾಧಿಕಾರಿಗಳ ಕಚೇರಿಯ ಸಭಾಂಗಣದಲ್ಲಿ ಜಿಲ್ಲಾ ಮಟ್ಟದ ಸಮನ್ವಯ ಮತ್ತು ಪರಿಶೀಲನಾ ಸಮಿತಿ ಸಭೆ ನಡೆಯಲಿದೆ ಎಂದು ಮಹಿಳಾ ಮತ್ತು ಮಕ್ಕಳ ಅಭಿವೃದ್ಧಿ ಇಲಾಖೆಯ ಉಪನಿರ್ದೇಶಕರು ತಿಳಿಸಿದ್ದಾರೆ.
